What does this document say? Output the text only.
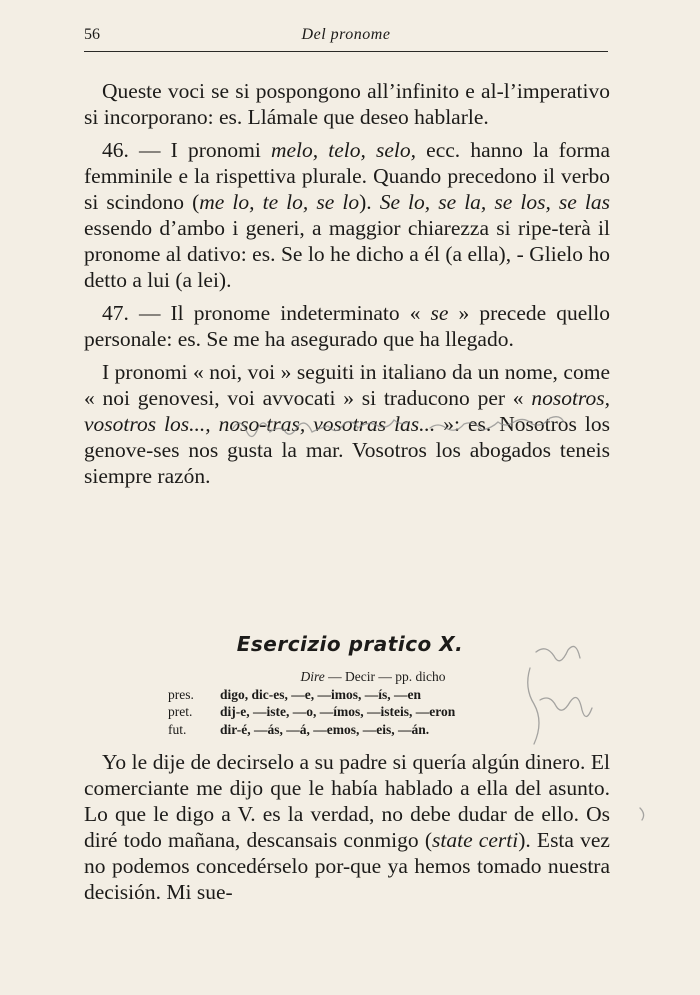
56	Del pronome

Queste voci se si pospongono all’infinito e al-l’imperativo si incorporano: es. Llámale que deseo hablarle.

46. — I pronomi melo, telo, selo, ecc. hanno la forma femminile e la rispettiva plurale. Quando precedono il verbo si scindono (me lo, te lo, se lo). Se lo, se la, se los, se las essendo d’ambo i generi, a maggior chiarezza si ripe-terà il pronome al dativo: es. Se lo he dicho a él (a ella), - Glielo ho detto a lui (a lei).

47. — Il pronome indeterminato « se » precede quello personale: es. Se me ha asegurado que ha llegado.

I pronomi « noi, voi » seguiti in italiano da un nome, come « noi genovesi, voi avvocati » si traducono per « nosotros, vosotros los..., noso-tras, vosotras las... »: es. Nosotros los genove-ses nos gusta la mar. Vosotros los abogados teneis siempre razón.

Esercizio pratico X.
Dire — Decir — pp. dicho
pres.	digo, dic-es, —e, —imos, —ís, —en
pret.	dij-e, —iste, —o, —ímos, —isteis, —eron
fut.	dir-é, —ás, —á, —emos, —eis, —án.

Yo le dije de decirselo a su padre si quería algún dinero. El comerciante me dijo que le había hablado a ella del asunto. Lo que le digo a V. es la verdad, no debe dudar de ello. Os diré todo mañana, descansais conmigo (state certi). Esta vez no podemos concedérselo por-que ya hemos tomado nuestra decisión. Mi sue-
